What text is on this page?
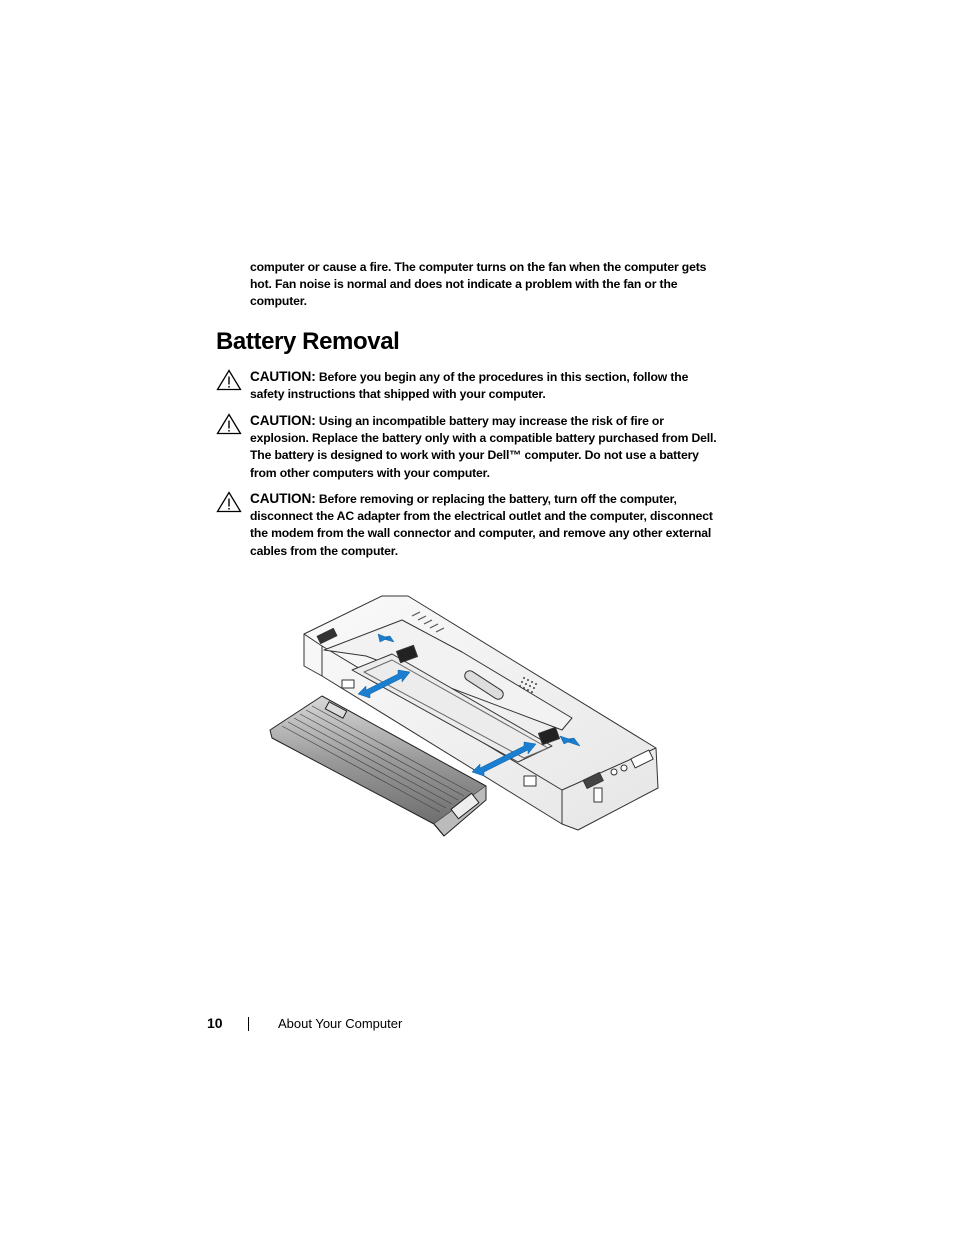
computer or cause a fire. The computer turns on the fan when the computer gets hot. Fan noise is normal and does not indicate a problem with the fan or the computer.
Battery Removal
CAUTION: Before you begin any of the procedures in this section, follow the safety instructions that shipped with your computer.
CAUTION: Using an incompatible battery may increase the risk of fire or explosion. Replace the battery only with a compatible battery purchased from Dell. The battery is designed to work with your Dell™ computer. Do not use a battery from other computers with your computer.
CAUTION: Before removing or replacing the battery, turn off the computer, disconnect the AC adapter from the electrical outlet and the computer, disconnect the modem from the wall connector and computer, and remove any other external cables from the computer.
10	About Your Computer
